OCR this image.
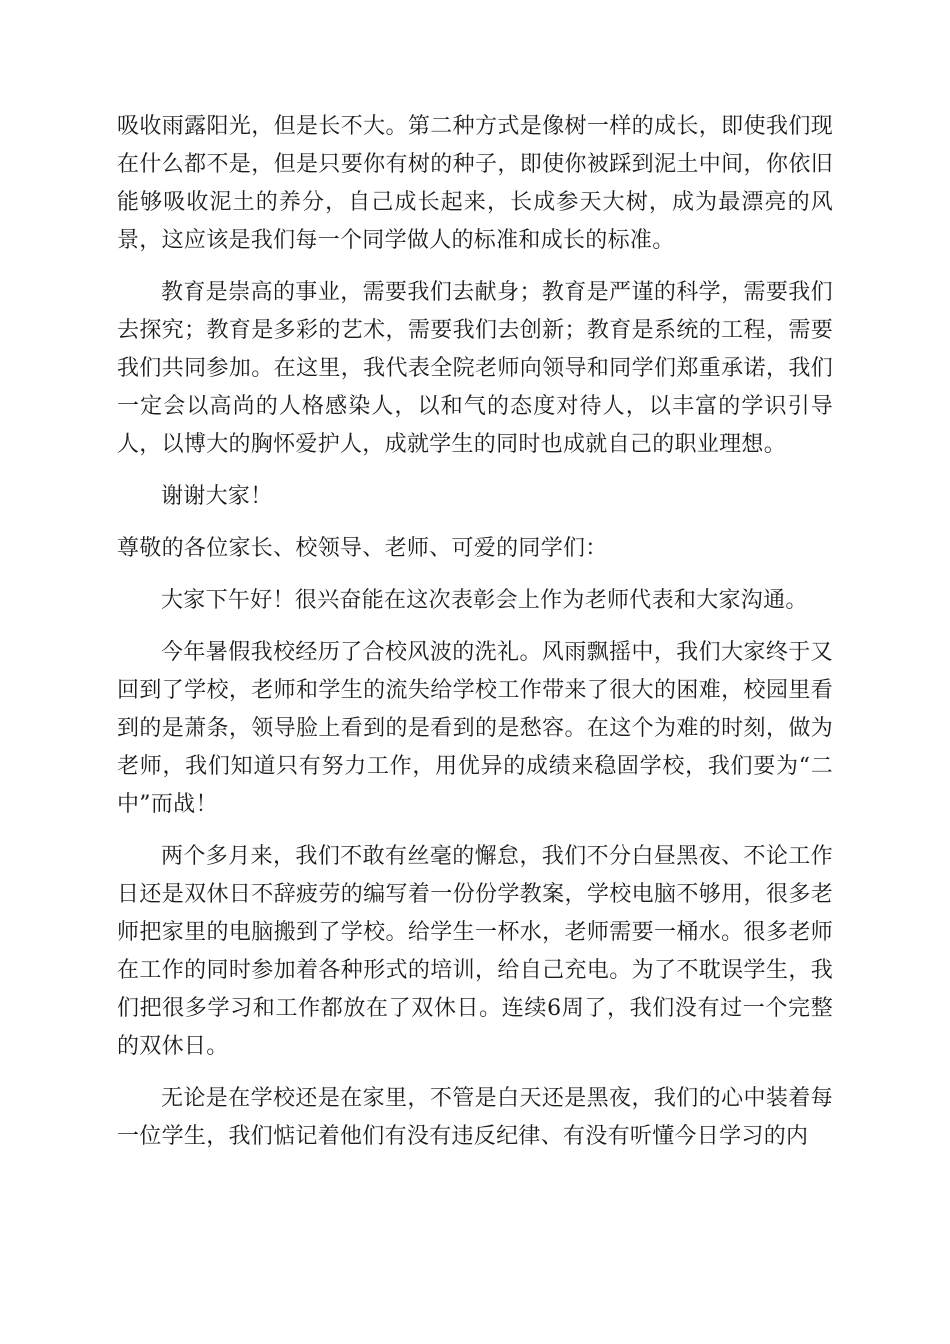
吸收雨露阳光，但是长不大。第二种方式是像树一样的成长，即使我们现在什么都不是，但是只要你有树的种子，即使你被踩到泥土中间，你依旧能够吸收泥土的养分，自己成长起来，长成参天大树，成为最漂亮的风景，这应该是我们每一个同学做人的标准和成长的标准。

教育是崇高的事业，需要我们去献身；教育是严谨的科学，需要我们去探究；教育是多彩的艺术，需要我们去创新；教育是系统的工程，需要我们共同参加。在这里，我代表全院老师向领导和同学们郑重承诺，我们一定会以高尚的人格感染人，以和气的态度对待人，以丰富的学识引导人，以博大的胸怀爱护人，成就学生的同时也成就自己的职业理想。

谢谢大家！

尊敬的各位家长、校领导、老师、可爱的同学们：

大家下午好！很兴奋能在这次表彰会上作为老师代表和大家沟通。

今年暑假我校经历了合校风波的洗礼。风雨飘摇中，我们大家终于又回到了学校，老师和学生的流失给学校工作带来了很大的困难，校园里看到的是萧条，领导脸上看到的是看到的是愁容。在这个为难的时刻，做为老师，我们知道只有努力工作，用优异的成绩来稳固学校，我们要为“二中”而战！

两个多月来，我们不敢有丝毫的懈怠，我们不分白昼黑夜、不论工作日还是双休日不辞疲劳的编写着一份份学教案，学校电脑不够用，很多老师把家里的电脑搬到了学校。给学生一杯水，老师需要一桶水。很多老师在工作的同时参加着各种形式的培训，给自己充电。为了不耽误学生，我们把很多学习和工作都放在了双休日。连续6周了，我们没有过一个完整的双休日。

无论是在学校还是在家里，不管是白天还是黑夜，我们的心中装着每一位学生，我们惦记着他们有没有违反纪律、有没有听懂今日学习的内
